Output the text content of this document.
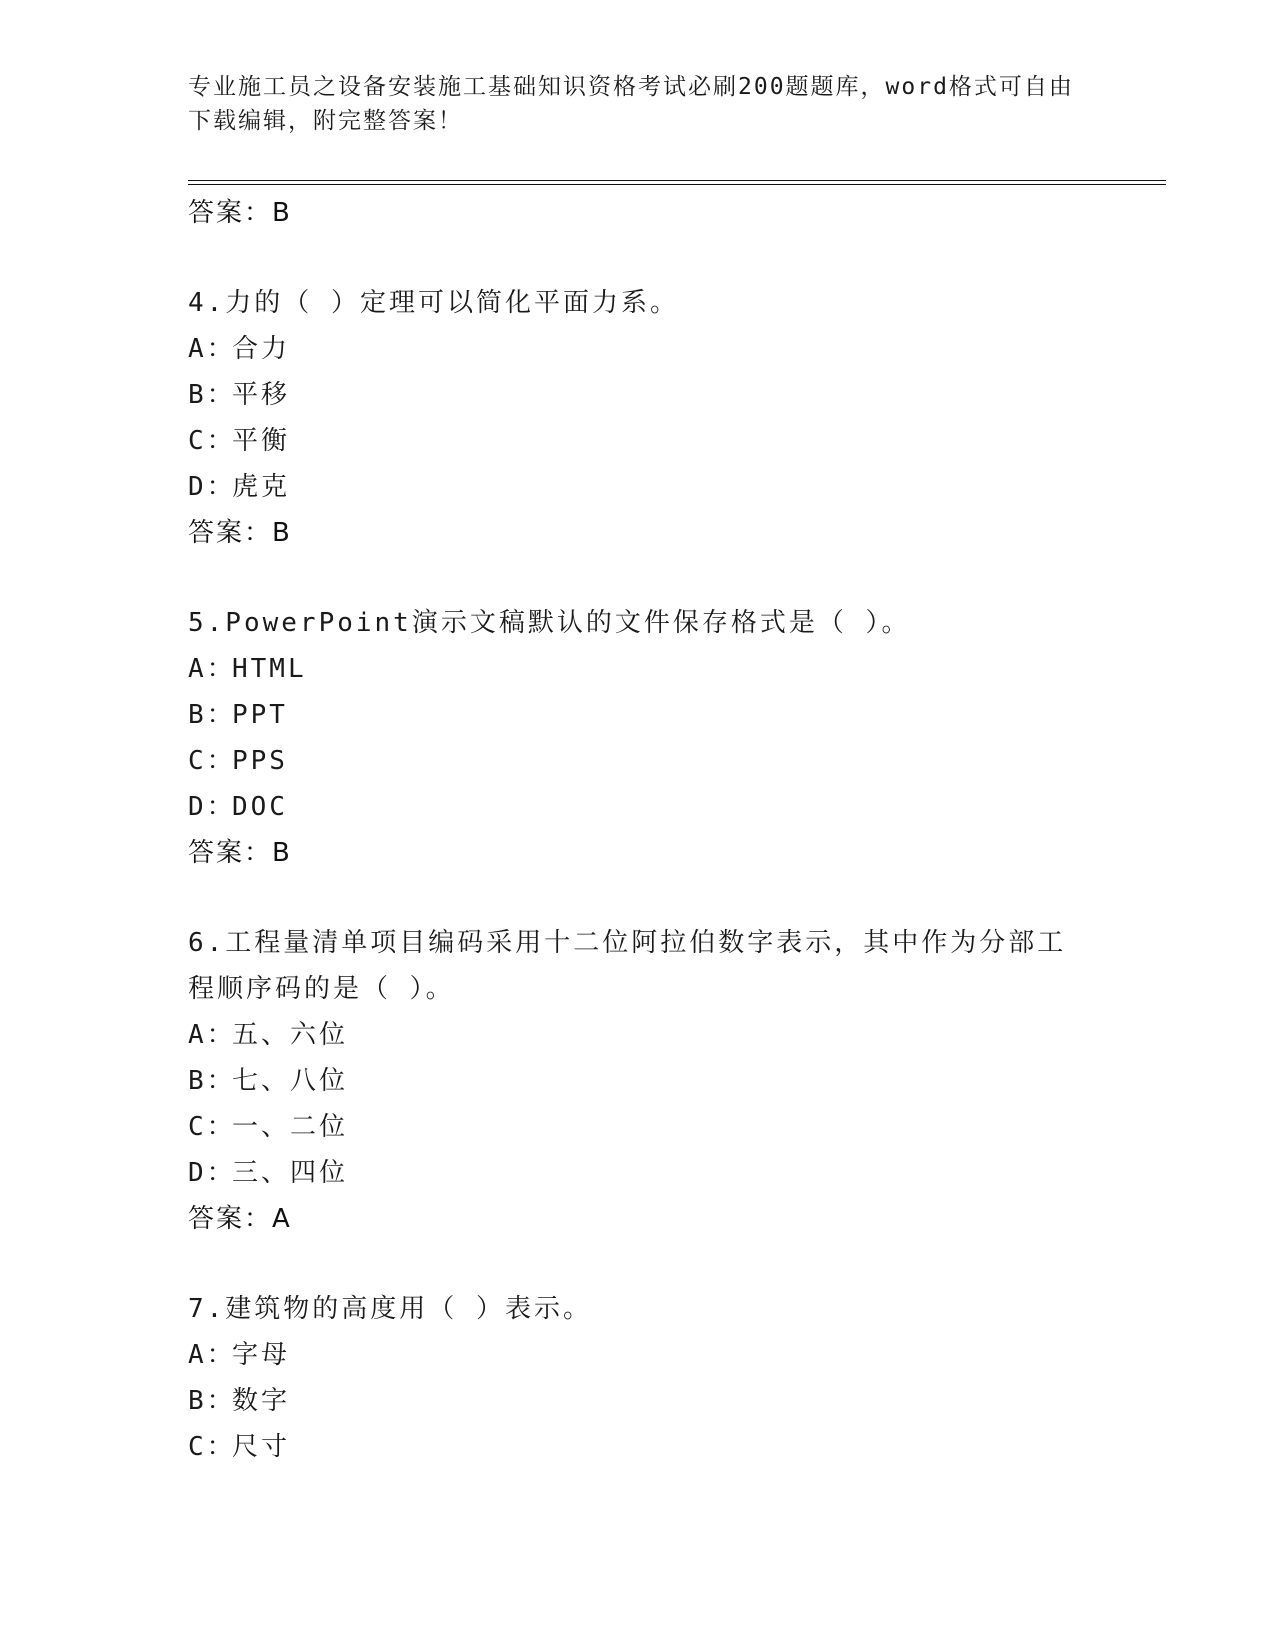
专业施工员之设备安装施工基础知识资格考试必刷200题题库，word格式可自由下载编辑，附完整答案！
答案：B
4.力的（ ）定理可以简化平面力系。
A：合力
B：平移
C：平衡
D：虎克
答案：B
5.PowerPoint演示文稿默认的文件保存格式是（ ）。
A：HTML
B：PPT
C：PPS
D：DOC
答案：B
6.工程量清单项目编码采用十二位阿拉伯数字表示，其中作为分部工程顺序码的是（ ）。
A：五、六位
B：七、八位
C：一、二位
D：三、四位
答案：A
7.建筑物的高度用（ ）表示。
A：字母
B：数字
C：尺寸
